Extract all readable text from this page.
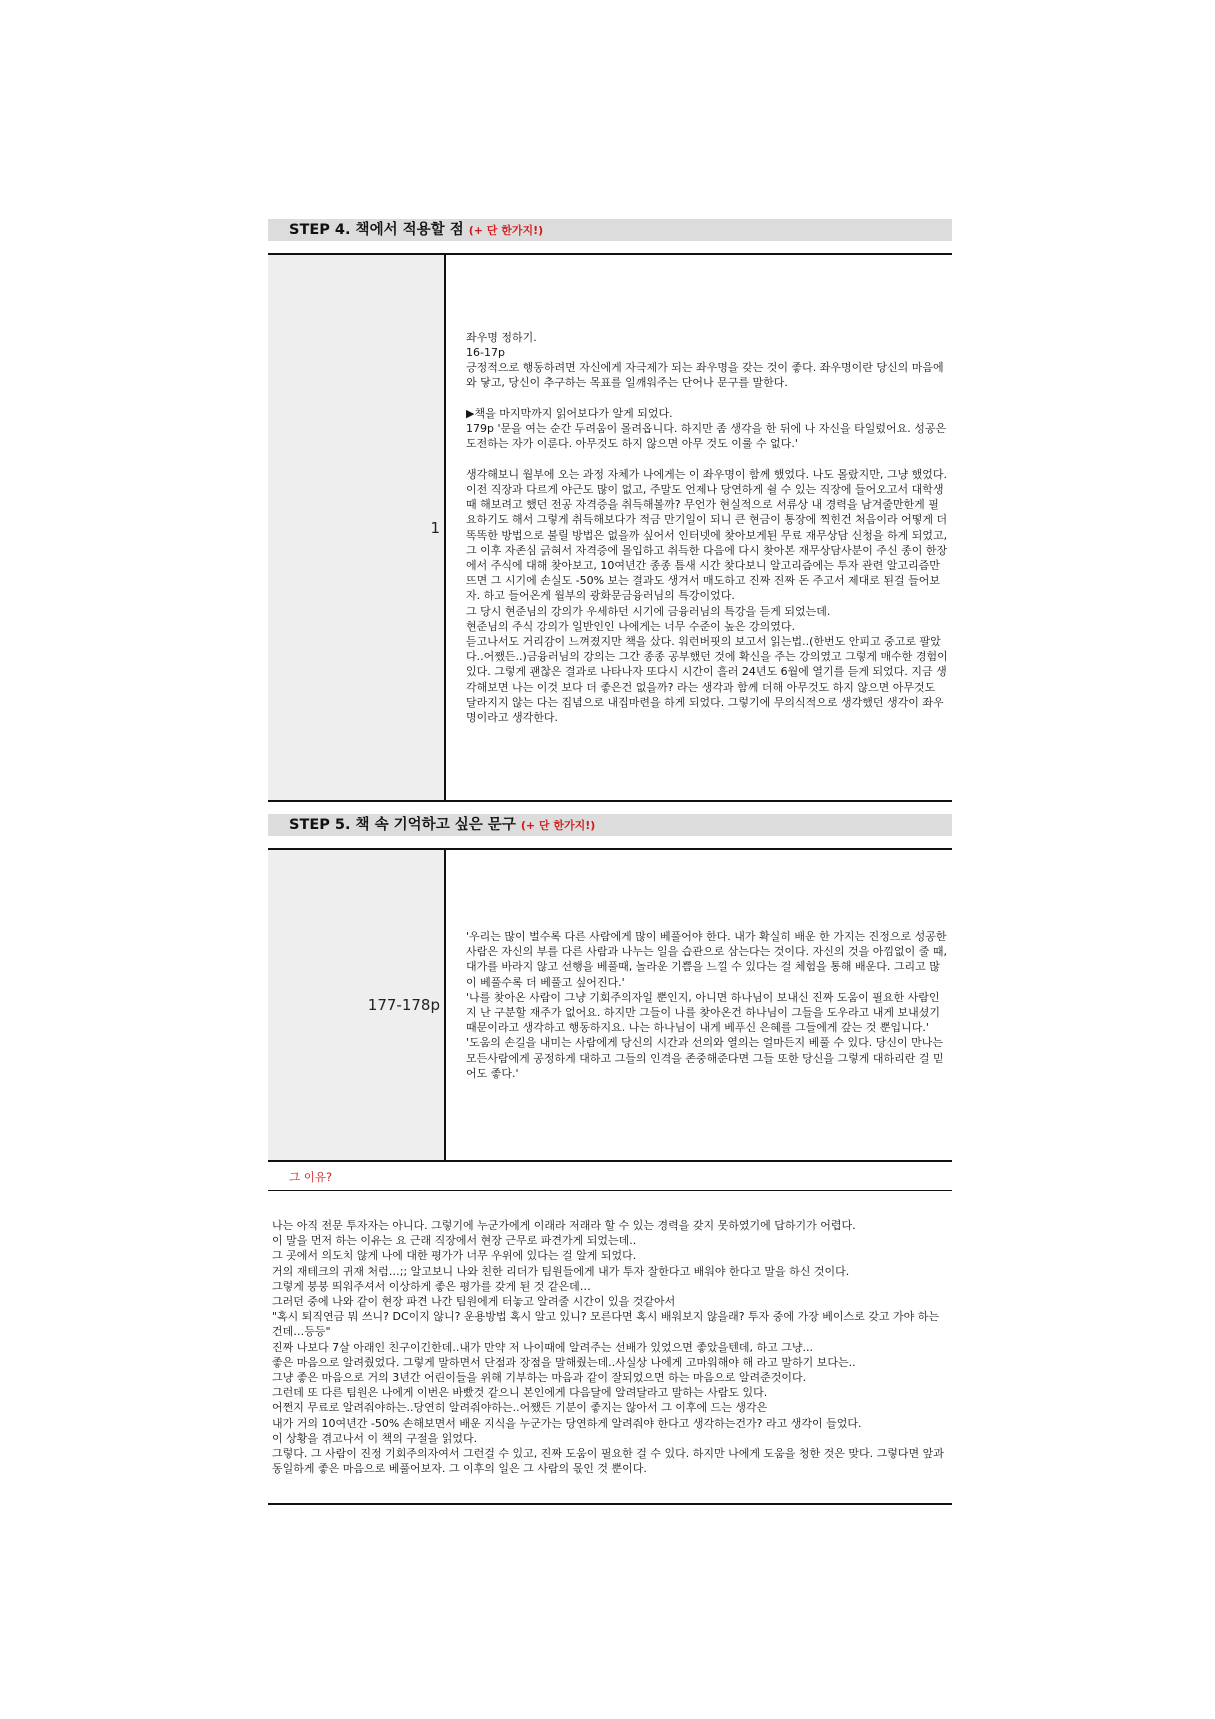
STEP 4. 책에서 적용할 점 (+ 단 한가지!)
1

좌우명 정하기.
16-17p
긍정적으로 행동하려면 자신에게 자극제가 되는 좌우명을 갖는 것이 좋다. 좌우명이란 당신의 마음에 와 닿고, 당신이 추구하는 목표를 일깨워주는 단어나 문구를 말한다.

▶책을 마지막까지 읽어보다가 알게 되었다.
179p '문을 여는 순간 두려움이 몰려옵니다. 하지만 좀 생각을 한 뒤에 나 자신을 타일렀어요. 성공은 도전하는 자가 이룬다. 아무것도 하지 않으면 아무 것도 이룰 수 없다.'

생각해보니 월부에 오는 과정 자체가 나에게는 이 좌우명이 함께 했었다. 나도 몰랐지만, 그냥 했었다. 이전 직장과 다르게 야근도 많이 없고, 주말도 언제나 당연하게 쉴 수 있는 직장에 들어오고서 대학생때 해보려고 했던 전공 자격증을 취득해볼까? 무언가 현실적으로 서류상 내 경력을 남겨줄만한게 필요하기도 해서 그렇게 취득해보다가 적금 만기일이 되니 큰 현금이 통장에 찍힌건 처음이라 어떻게 더 똑똑한 방법으로 불릴 방법은 없을까 싶어서 인터넷에 찾아보게된 무료 재무상담 신청을 하게 되었고,
그 이후 자존심 긁혀서 자격증에 몰입하고 취득한 다음에 다시 찾아본 재무상담사분이 주신 종이 한장에서 주식에 대해 찾아보고, 10여년간 종종 틈새 시간 찾다보니 알고리즘에는 투자 관련 알고리즘만 뜨면 그 시기에 손실도 -50% 보는 결과도 생겨서 매도하고 진짜 진짜 돈 주고서 제대로 된걸 들어보자. 하고 들어온게 월부의 광화문금융러님의 특강이었다.
그 당시 현준님의 강의가 우세하던 시기에 금융러님의 특강을 듣게 되었는데.
현준님의 주식 강의가 일반인인 나에게는 너무 수준이 높은 강의였다.
듣고나서도 거리감이 느껴졌지만 책을 샀다. 워런버핏의 보고서 읽는법..(한번도 안피고 중고로 팔았다..어쨌든..)금융러님의 강의는 그간 종종 공부했던 것에 확신을 주는 강의였고 그렇게 매수한 경험이 있다. 그렇게 괜찮은 결과로 나타나자 또다시 시간이 흘러 24년도 6월에 열기를 듣게 되었다. 지금 생각해보면 나는 이것 보다 더 좋은건 없을까? 라는 생각과 함께 더해 아무것도 하지 않으면 아무것도 달라지지 않는 다는 집념으로 내집마련을 하게 되었다. 그렇기에 무의식적으로 생각했던 생각이 좌우명이라고 생각한다.

STEP 5. 책 속 기억하고 싶은 문구 (+ 단 한가지!)
177-178p

'우리는 많이 벌수록 다른 사람에게 많이 베풀어야 한다. 내가 확실히 배운 한 가지는 진정으로 성공한 사람은 자신의 부를 다른 사람과 나누는 일을 습관으로 삼는다는 것이다. 자신의 것을 아낌없이 줄 때, 대가를 바라지 않고 선행을 베풀때, 놀라운 기쁨을 느낄 수 있다는 걸 체험을 통해 배운다. 그리고 많이 베풀수록 더 베풀고 싶어진다.'
'나를 찾아온 사람이 그냥 기회주의자일 뿐인지, 아니면 하나님이 보내신 진짜 도움이 필요한 사람인지 난 구분할 재주가 없어요. 하지만 그들이 나를 찾아온건 하나님이 그들을 도우라고 내게 보내셨기 때문이라고 생각하고 행동하지요. 나는 하나님이 내게 베푸신 은혜를 그들에게 갚는 것 뿐입니다.'
'도움의 손길을 내미는 사람에게 당신의 시간과 선의와 열의는 얼마든지 베풀 수 있다. 당신이 만나는 모든사람에게 공정하게 대하고 그들의 인격을 존중해준다면 그들 또한 당신을 그렇게 대하리란 걸 믿어도 좋다.'

그 이유?

나는 아직 전문 투자자는 아니다. 그렇기에 누군가에게 이래라 저래라 할 수 있는 경력을 갖지 못하였기에 답하기가 어렵다.
이 말을 먼저 하는 이유는 요 근래 직장에서 현장 근무로 파견가게 되었는데..
그 곳에서 의도치 않게 나에 대한 평가가 너무 우위에 있다는 걸 알게 되었다.
거의 재테크의 귀재 처럼…;; 알고보니 나와 친한 리더가 팀원들에게 내가 투자 잘한다고 배워야 한다고 말을 하신 것이다.
그렇게 붕붕 띄워주셔서 이상하게 좋은 평가를 갖게 된 것 같은데…
그러던 중에 나와 같이 현장 파견 나간 팀원에게 터놓고 알려줄 시간이 있을 것같아서
"혹시 퇴직연금 뭐 쓰니? DC이지 않니? 운용방법 혹시 알고 있니? 모른다면 혹시 배워보지 않을래? 투자 중에 가장 베이스로 갖고 가야 하는 건데…등등"
진짜 나보다 7살 아래인 친구이긴한데..내가 만약 저 나이때에 알려주는 선배가 있었으면 좋았을텐데, 하고 그냥...
좋은 마음으로 알려줬었다. 그렇게 말하면서 단점과 장점을 말해줬는데..사실상 나에게 고마워해야 해 라고 말하기 보다는..
그냥 좋은 마음으로 거의 3년간 어린이들을 위해 기부하는 마음과 같이 잘되었으면 하는 마음으로 알려준것이다.
그런데 또 다른 팀원은 나에게 이번은 바빴것 같으니 본인에게 다음달에 알려달라고 말하는 사람도 있다.
어쩐지 무료로 알려줘야하는..당연히 알려줘야하는..어쨌든 기분이 좋지는 않아서 그 이후에 드는 생각은
내가 거의 10여년간 -50% 손해보면서 배운 지식을 누군가는 당연하게 알려줘야 한다고 생각하는건가? 라고 생각이 들었다.
이 상황을 겪고나서 이 책의 구절을 읽었다.
그렇다. 그 사람이 진정 기회주의자여서 그런걸 수 있고, 진짜 도움이 필요한 걸 수 있다. 하지만 나에게 도움을 청한 것은 맞다. 그렇다면 앞과 동일하게 좋은 마음으로 베풀어보자. 그 이후의 일은 그 사람의 몫인 것 뿐이다.
